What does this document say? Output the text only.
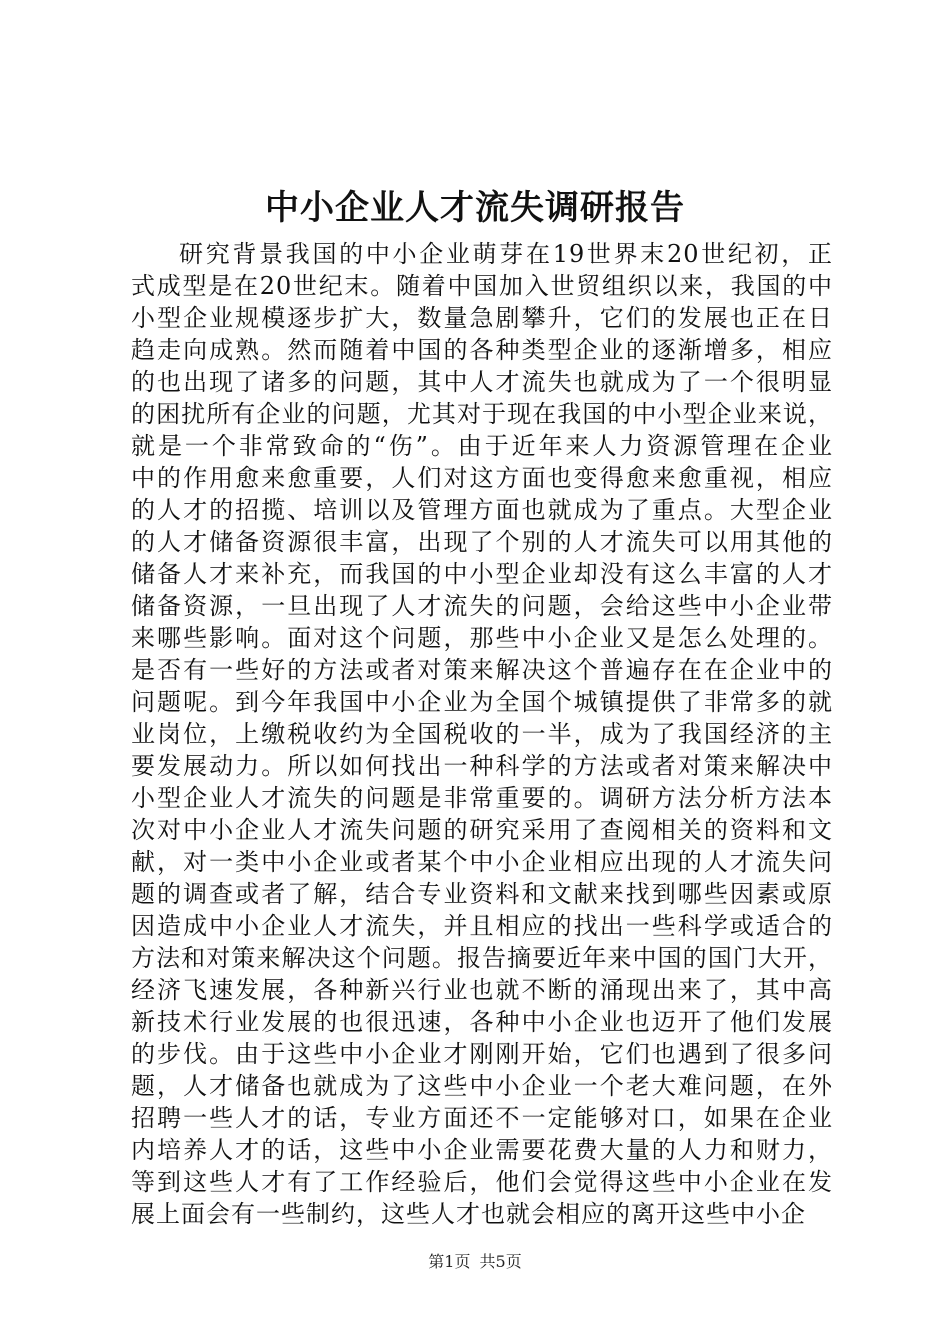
中小企业人才流失调研报告
研究背景我国的中小企业萌芽在19世界末20世纪初，正
式成型是在20世纪末。随着中国加入世贸组织以来，我国的中
小型企业规模逐步扩大，数量急剧攀升，它们的发展也正在日
趋走向成熟。然而随着中国的各种类型企业的逐渐增多，相应
的也出现了诸多的问题，其中人才流失也就成为了一个很明显
的困扰所有企业的问题，尤其对于现在我国的中小型企业来说，
就是一个非常致命的“伤”。由于近年来人力资源管理在企业
中的作用愈来愈重要，人们对这方面也变得愈来愈重视，相应
的人才的招揽、培训以及管理方面也就成为了重点。大型企业
的人才储备资源很丰富，出现了个别的人才流失可以用其他的
储备人才来补充，而我国的中小型企业却没有这么丰富的人才
储备资源，一旦出现了人才流失的问题，会给这些中小企业带
来哪些影响。面对这个问题，那些中小企业又是怎么处理的。
是否有一些好的方法或者对策来解决这个普遍存在在企业中的
问题呢。到今年我国中小企业为全国个城镇提供了非常多的就
业岗位，上缴税收约为全国税收的一半，成为了我国经济的主
要发展动力。所以如何找出一种科学的方法或者对策来解决中
小型企业人才流失的问题是非常重要的。调研方法分析方法本
次对中小企业人才流失问题的研究采用了查阅相关的资料和文
献，对一类中小企业或者某个中小企业相应出现的人才流失问
题的调查或者了解，结合专业资料和文献来找到哪些因素或原
因造成中小企业人才流失，并且相应的找出一些科学或适合的
方法和对策来解决这个问题。报告摘要近年来中国的国门大开，
经济飞速发展，各种新兴行业也就不断的涌现出来了，其中高
新技术行业发展的也很迅速，各种中小企业也迈开了他们发展
的步伐。由于这些中小企业才刚刚开始，它们也遇到了很多问
题，人才储备也就成为了这些中小企业一个老大难问题，在外
招聘一些人才的话，专业方面还不一定能够对口，如果在企业
内培养人才的话，这些中小企业需要花费大量的人力和财力，
等到这些人才有了工作经验后，他们会觉得这些中小企业在发
展上面会有一些制约，这些人才也就会相应的离开这些中小企
第1页 共5页
